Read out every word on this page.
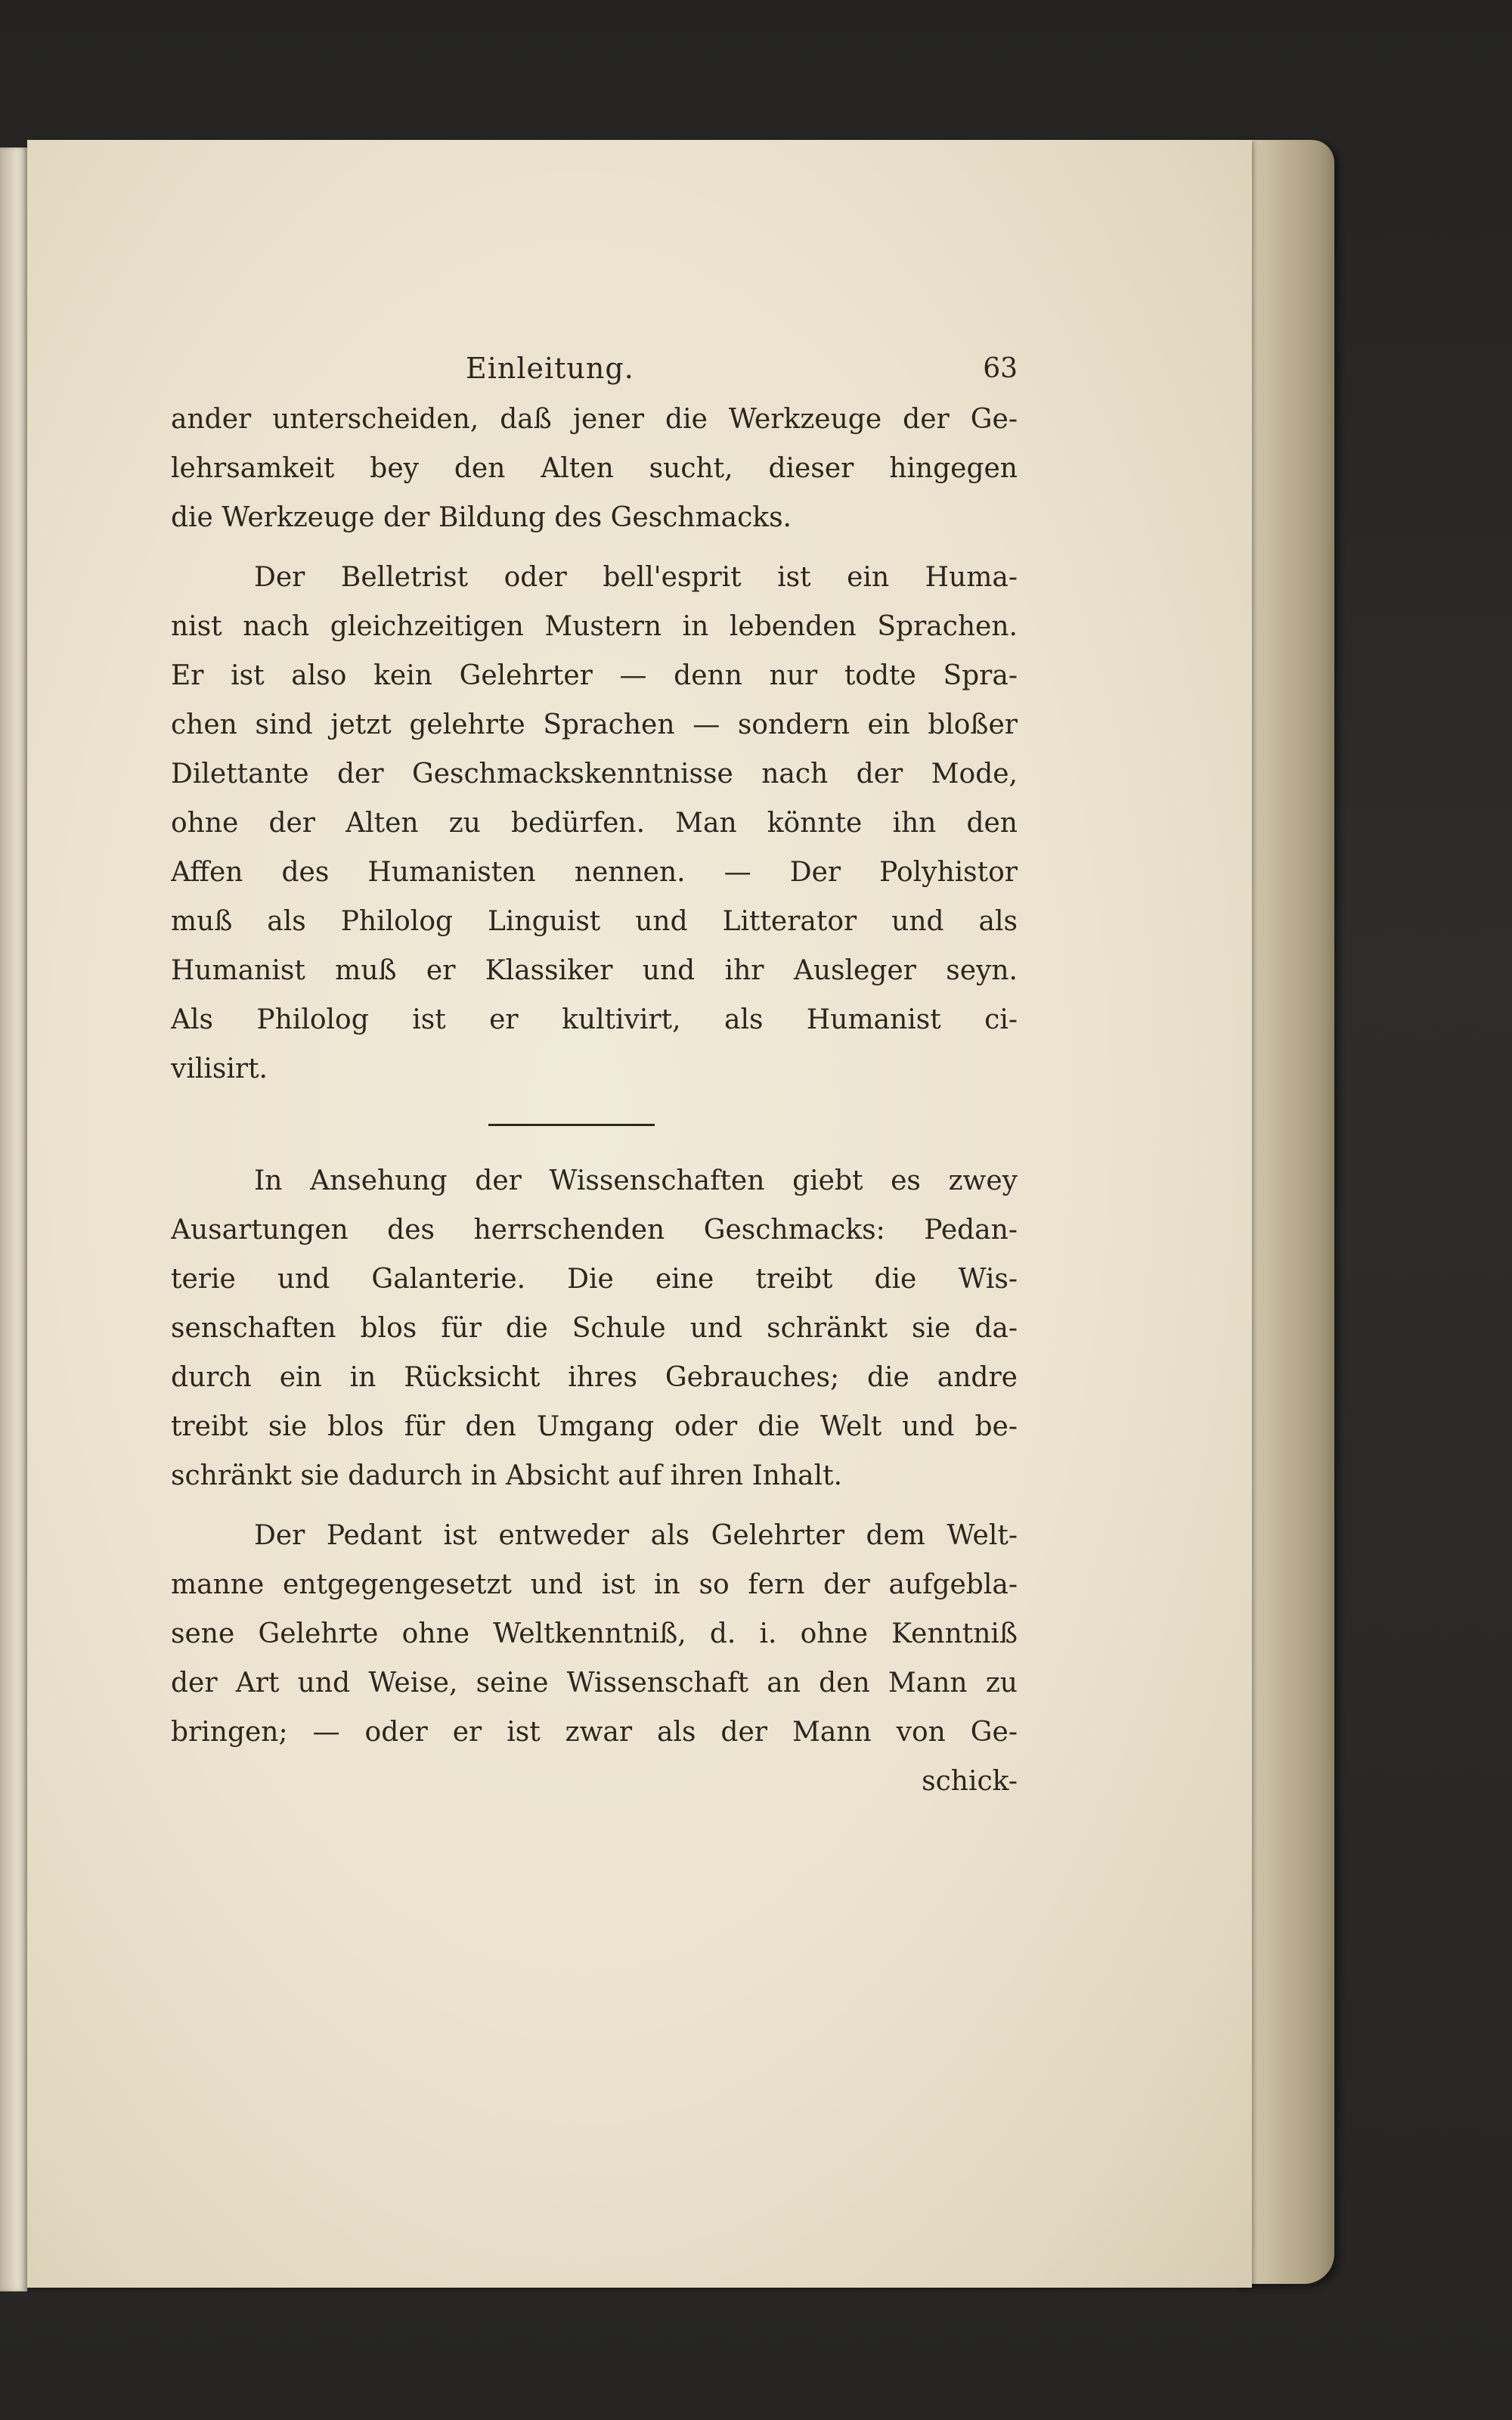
Einleitung.	63
ander unterscheiden, daß jener die Werkzeuge der Ge-
lehrsamkeit bey den Alten sucht, dieser hingegen
die Werkzeuge der Bildung des Geschmacks.
Der Belletrist oder bell'esprit ist ein Huma-
nist nach gleichzeitigen Mustern in lebenden Sprachen.
Er ist also kein Gelehrter — denn nur todte Spra-
chen sind jetzt gelehrte Sprachen — sondern ein bloßer
Dilettante der Geschmackskenntnisse nach der Mode,
ohne der Alten zu bedürfen. Man könnte ihn den
Affen des Humanisten nennen. — Der Polyhistor
muß als Philolog Linguist und Litterator und als
Humanist muß er Klassiker und ihr Ausleger seyn.
Als Philolog ist er kultivirt, als Humanist ci-
vilisirt.
In Ansehung der Wissenschaften giebt es zwey
Ausartungen des herrschenden Geschmacks: Pedan-
terie und Galanterie. Die eine treibt die Wis-
senschaften blos für die Schule und schränkt sie da-
durch ein in Rücksicht ihres Gebrauches; die andre
treibt sie blos für den Umgang oder die Welt und be-
schränkt sie dadurch in Absicht auf ihren Inhalt.
Der Pedant ist entweder als Gelehrter dem Welt-
manne entgegengesetzt und ist in so fern der aufgebla-
sene Gelehrte ohne Weltkenntniß, d. i. ohne Kenntniß
der Art und Weise, seine Wissenschaft an den Mann zu
bringen; — oder er ist zwar als der Mann von Ge-
schick-
